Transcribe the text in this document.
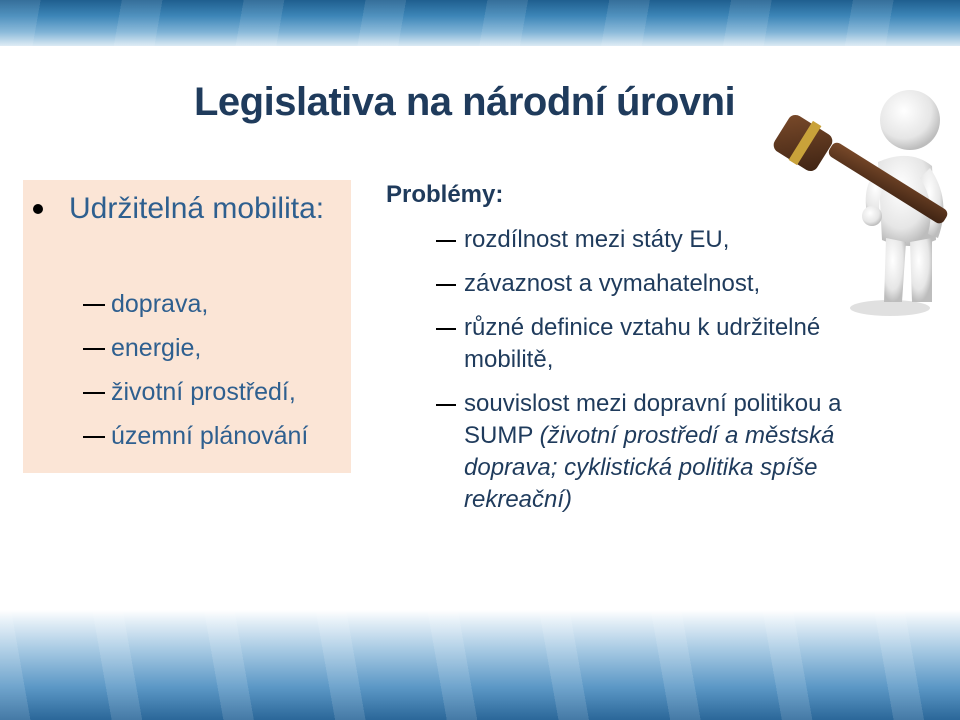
Legislativa na národní úrovni
Udržitelná mobilita:
doprava,
energie,
životní prostředí,
územní plánování
Problémy:
rozdílnost mezi státy EU,
závaznost a vymahatelnost,
různé definice vztahu k udržitelné mobilitě,
souvislost mezi dopravní politikou a SUMP (životní prostředí a městská doprava; cyklistická politika spíše rekreační)
